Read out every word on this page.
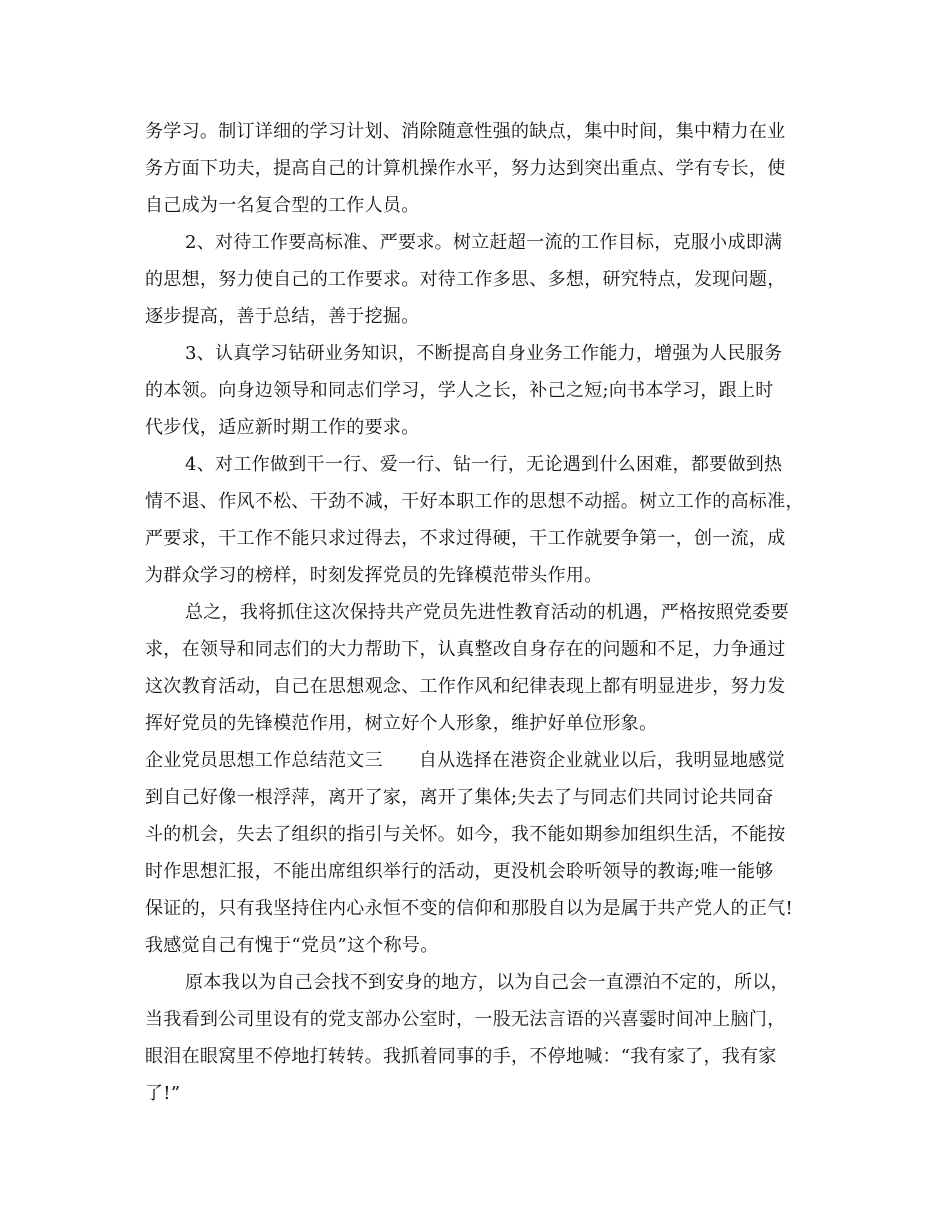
务学习。制订详细的学习计划、消除随意性强的缺点，集中时间，集中精力在业
务方面下功夫，提高自己的计算机操作水平，努力达到突出重点、学有专长，使
自己成为一名复合型的工作人员。
2、对待工作要高标准、严要求。树立赶超一流的工作目标，克服小成即满
的思想，努力使自己的工作要求。对待工作多思、多想，研究特点，发现问题，
逐步提高，善于总结，善于挖掘。
3、认真学习钻研业务知识，不断提高自身业务工作能力，增强为人民服务
的本领。向身边领导和同志们学习，学人之长，补己之短;向书本学习，跟上时
代步伐，适应新时期工作的要求。
4、对工作做到干一行、爱一行、钻一行，无论遇到什么困难，都要做到热
情不退、作风不松、干劲不减，干好本职工作的思想不动摇。树立工作的高标准，
严要求，干工作不能只求过得去，不求过得硬，干工作就要争第一，创一流，成
为群众学习的榜样，时刻发挥党员的先锋模范带头作用。
总之，我将抓住这次保持共产党员先进性教育活动的机遇，严格按照党委要
求，在领导和同志们的大力帮助下，认真整改自身存在的问题和不足，力争通过
这次教育活动，自己在思想观念、工作作风和纪律表现上都有明显进步，努力发
挥好党员的先锋模范作用，树立好个人形象，维护好单位形象。
企业党员思想工作总结范文三 自从选择在港资企业就业以后，我明显地感觉
到自己好像一根浮萍，离开了家，离开了集体;失去了与同志们共同讨论共同奋
斗的机会，失去了组织的指引与关怀。如今，我不能如期参加组织生活，不能按
时作思想汇报，不能出席组织举行的活动，更没机会聆听领导的教诲;唯一能够
保证的，只有我坚持住内心永恒不变的信仰和那股自以为是属于共产党人的正气!
我感觉自己有愧于“党员”这个称号。
原本我以为自己会找不到安身的地方，以为自己会一直漂泊不定的，所以，
当我看到公司里设有的党支部办公室时，一股无法言语的兴喜霎时间冲上脑门，
眼泪在眼窝里不停地打转转。我抓着同事的手，不停地喊：“我有家了，我有家
了!”
